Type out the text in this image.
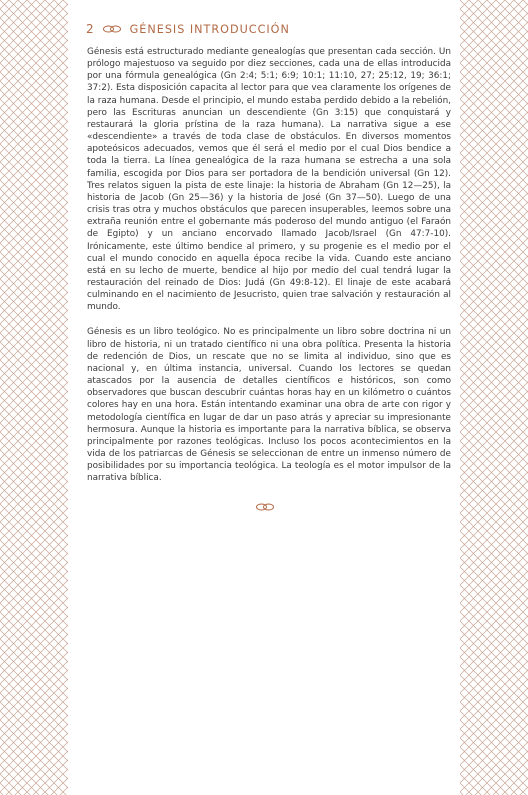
2	GÉNESIS INTRODUCCIÓN

Génesis está estructurado mediante genealogías que presentan cada sección. Un prólogo majestuoso va seguido por diez secciones, cada una de ellas introducida por una fórmula genealógica (Gn 2:4; 5:1; 6:9; 10:1; 11:10, 27; 25:12, 19; 36:1; 37:2). Esta disposición capacita al lector para que vea claramente los orígenes de la raza humana. Desde el principio, el mundo estaba perdido debido a la rebelión, pero las Escrituras anuncian un descendiente (Gn 3:15) que conquistará y restaurará la gloria prístina de la raza humana). La narrativa sigue a ese «descendiente» a través de toda clase de obstáculos. En diversos momentos apoteósicos adecuados, vemos que él será el medio por el cual Dios bendice a toda la tierra. La línea genealógica de la raza humana se estrecha a una sola familia, escogida por Dios para ser portadora de la bendición universal (Gn 12). Tres relatos siguen la pista de este linaje: la historia de Abraham (Gn 12—25), la historia de Jacob (Gn 25—36) y la historia de José (Gn 37—50). Luego de una crisis tras otra y muchos obstáculos que parecen insuperables, leemos sobre una extraña reunión entre el gobernante más poderoso del mundo antiguo (el Faraón de Egipto) y un anciano encorvado llamado Jacob/Israel (Gn 47:7-10). Irónicamente, este último bendice al primero, y su progenie es el medio por el cual el mundo conocido en aquella época recibe la vida. Cuando este anciano está en su lecho de muerte, bendice al hijo por medio del cual tendrá lugar la restauración del reinado de Dios: Judá (Gn 49:8-12). El linaje de este acabará culminando en el nacimiento de Jesucristo, quien trae salvación y restauración al mundo.

Génesis es un libro teológico. No es principalmente un libro sobre doctrina ni un libro de historia, ni un tratado científico ni una obra política. Presenta la historia de redención de Dios, un rescate que no se limita al individuo, sino que es nacional y, en última instancia, universal. Cuando los lectores se quedan atascados por la ausencia de detalles científicos e históricos, son como observadores que buscan descubrir cuántas horas hay en un kilómetro o cuántos colores hay en una hora. Están intentando examinar una obra de arte con rigor y metodología científica en lugar de dar un paso atrás y apreciar su impresionante hermosura. Aunque la historia es importante para la narrativa bíblica, se observa principalmente por razones teológicas. Incluso los pocos acontecimientos en la vida de los patriarcas de Génesis se seleccionan de entre un inmenso número de posibilidades por su importancia teológica. La teología es el motor impulsor de la narrativa bíblica.
